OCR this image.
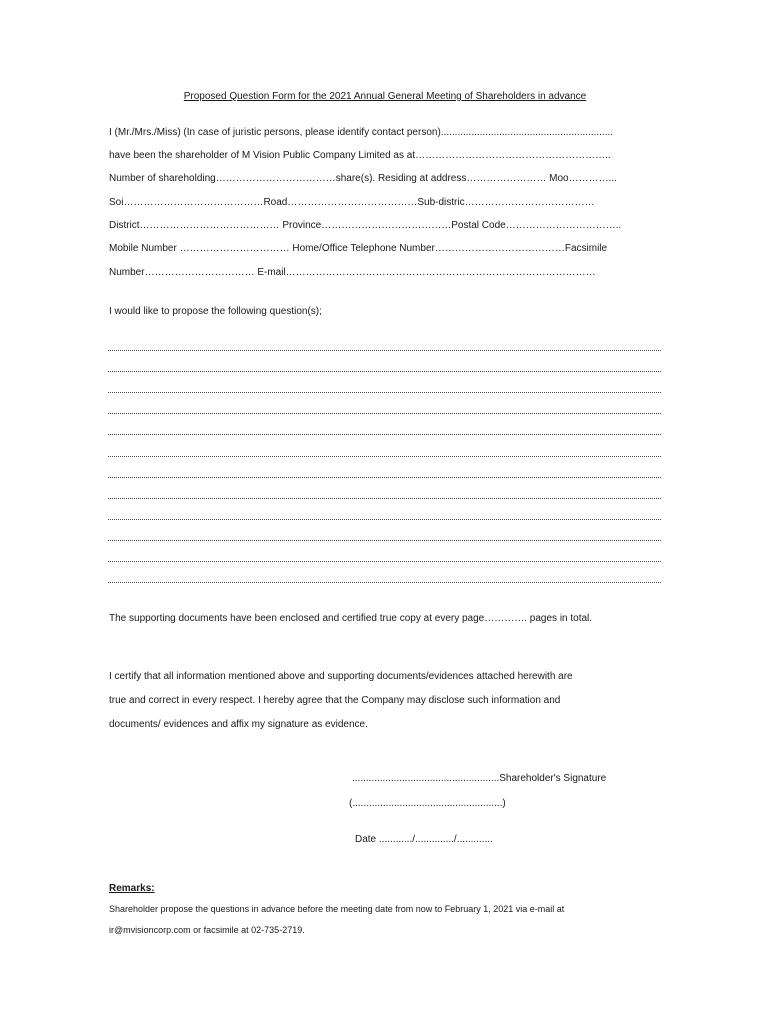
Proposed Question Form for the 2021 Annual General Meeting of Shareholders in advance
I (Mr./Mrs./Miss) (In case of juristic persons, please identify contact person)..............................................................
have been the shareholder of M Vision Public Company Limited as at…………………………………………………..
Number of shareholding………………………………share(s). Residing at address…………………… Moo…………...
Soi……………………………………Road…………………………………Sub-distric…………………………………
District…………………………………… Province…………………………………Postal Code……………………………..
Mobile Number …………………………… Home/Office Telephone Number…………………………………Facsimile
Number…………………………… E-mail…………………………………………………………………………………
I would like to propose the following question(s);
The supporting documents have been enclosed and certified true copy at every page…………. pages in total.
I certify that all information mentioned above and supporting documents/evidences attached herewith are
true and correct in every respect. I hereby agree that the Company may disclose such information and
documents/ evidences and affix my signature as evidence.
.....................................................Shareholder's Signature
(......................................................)
Date ............/............../.............
Remarks:
Shareholder propose the questions in advance before the meeting date from now to February 1, 2021 via e-mail at
ir@mvisioncorp.com or facsimile at 02-735-2719.
